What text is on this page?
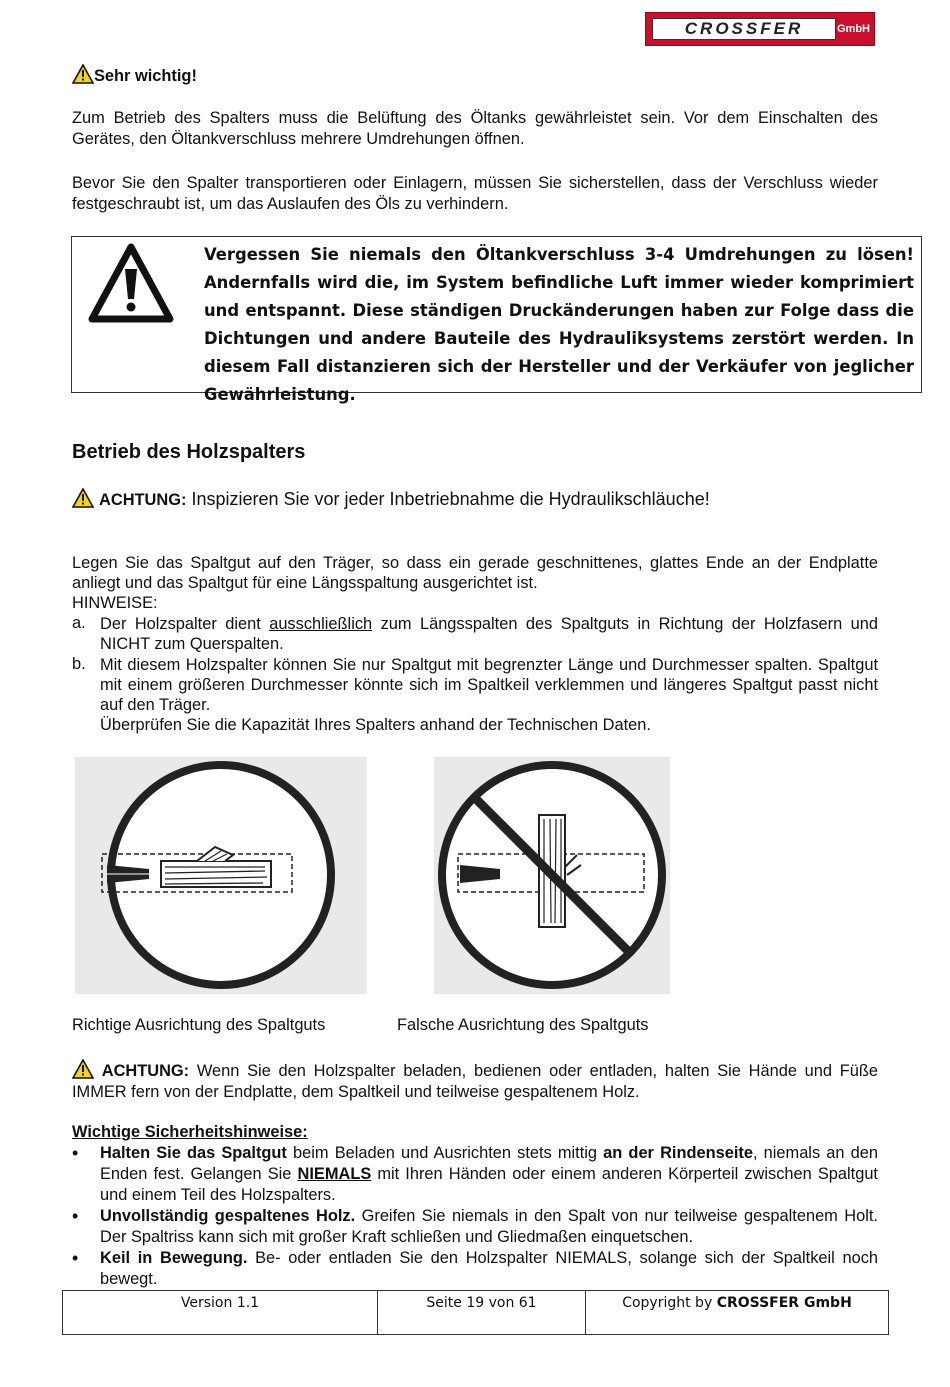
CROSSFER	GmbH
Sehr wichtig!
Zum Betrieb des Spalters muss die Belüftung des Öltanks gewährleistet sein. Vor dem Einschalten des Gerätes, den Öltankverschluss mehrere Umdrehungen öffnen.
Bevor Sie den Spalter transportieren oder Einlagern, müssen Sie sicherstellen, dass der Verschluss wieder festgeschraubt ist, um das Auslaufen des Öls zu verhindern.
Vergessen Sie niemals den Öltankverschluss 3-4 Umdrehungen zu lösen! Andernfalls wird die, im System befindliche Luft immer wieder komprimiert und entspannt. Diese ständigen Druckänderungen haben zur Folge dass die Dichtungen und andere Bauteile des Hydrauliksystems zerstört werden. In diesem Fall distanzieren sich der Hersteller und der Verkäufer von jeglicher Gewährleistung.
Betrieb des Holzspalters
ACHTUNG: Inspizieren Sie vor jeder Inbetriebnahme die Hydraulikschläuche!
Legen Sie das Spaltgut auf den Träger, so dass ein gerade geschnittenes, glattes Ende an der Endplatte anliegt und das Spaltgut für eine Längsspaltung ausgerichtet ist.
HINWEISE:
a. Der Holzspalter dient ausschließlich zum Längsspalten des Spaltguts in Richtung der Holzfasern und NICHT zum Querspalten.
b. Mit diesem Holzspalter können Sie nur Spaltgut mit begrenzter Länge und Durchmesser spalten. Spaltgut mit einem größeren Durchmesser könnte sich im Spaltkeil verklemmen und längeres Spaltgut passt nicht auf den Träger.
Überprüfen Sie die Kapazität Ihres Spalters anhand der Technischen Daten.
Richtige Ausrichtung des Spaltguts	Falsche Ausrichtung des Spaltguts
ACHTUNG: Wenn Sie den Holzspalter beladen, bedienen oder entladen, halten Sie Hände und Füße IMMER fern von der Endplatte, dem Spaltkeil und teilweise gespaltenem Holz.
Wichtige Sicherheitshinweise:
• Halten Sie das Spaltgut beim Beladen und Ausrichten stets mittig an der Rindenseite, niemals an den Enden fest. Gelangen Sie NIEMALS mit Ihren Händen oder einem anderen Körperteil zwischen Spaltgut und einem Teil des Holzspalters.
• Unvollständig gespaltenes Holz. Greifen Sie niemals in den Spalt von nur teilweise gespaltenem Holt. Der Spaltriss kann sich mit großer Kraft schließen und Gliedmaßen einquetschen.
• Keil in Bewegung. Be- oder entladen Sie den Holzspalter NIEMALS, solange sich der Spaltkeil noch bewegt.
Version 1.1	Seite 19 von 61	Copyright by CROSSFER GmbH
